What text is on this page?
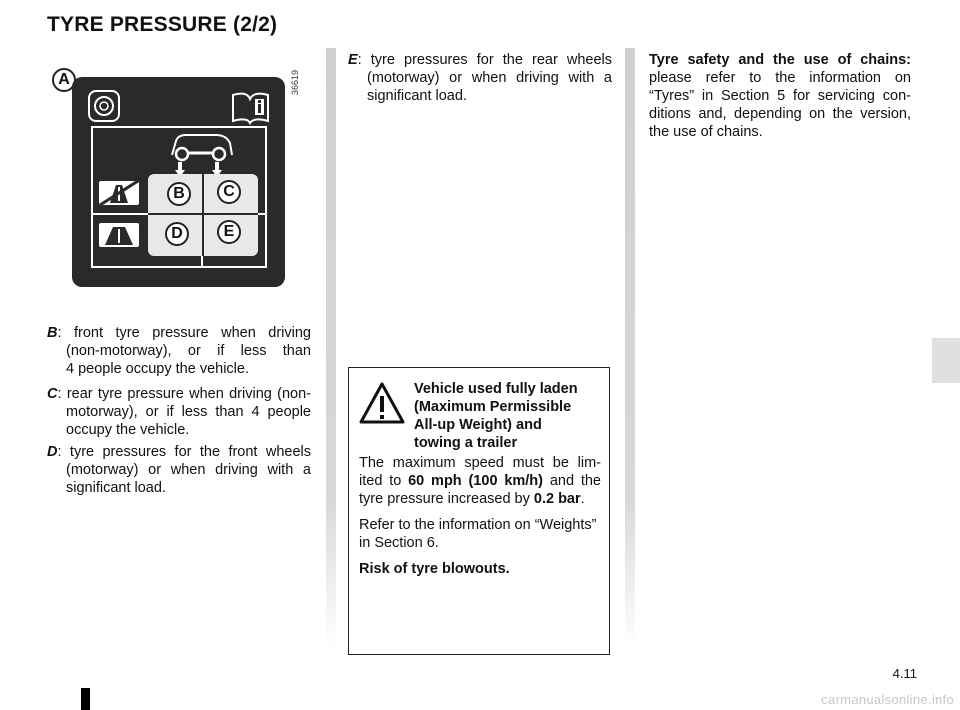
TYRE PRESSURE (2/2)
A	36619
B	C
D	E
B: front tyre pressure when driving
(non-motorway), or if less than
4 people occupy the vehicle.
C: rear tyre pressure when driving (non-
motorway), or if less than 4 people
occupy the vehicle.
D: tyre pressures for the front wheels
(motorway) or when driving with a
significant load.
E: tyre pressures for the rear wheels
(motorway) or when driving with a
significant load.
Vehicle used fully laden
(Maximum Permissible
All-up Weight) and
towing a trailer

The maximum speed must be lim-

ited to 60 mph (100 km/h) and the

tyre pressure increased by 0.2 bar.

Refer to the information on “Weights”

in Section 6.

Risk of tyre blowouts.

Tyre safety and the use of chains:
please refer to the information on
“Tyres” in Section 5 for servicing con-
ditions and, depending on the version,
the use of chains.
4.11
carmanualsonline.info
